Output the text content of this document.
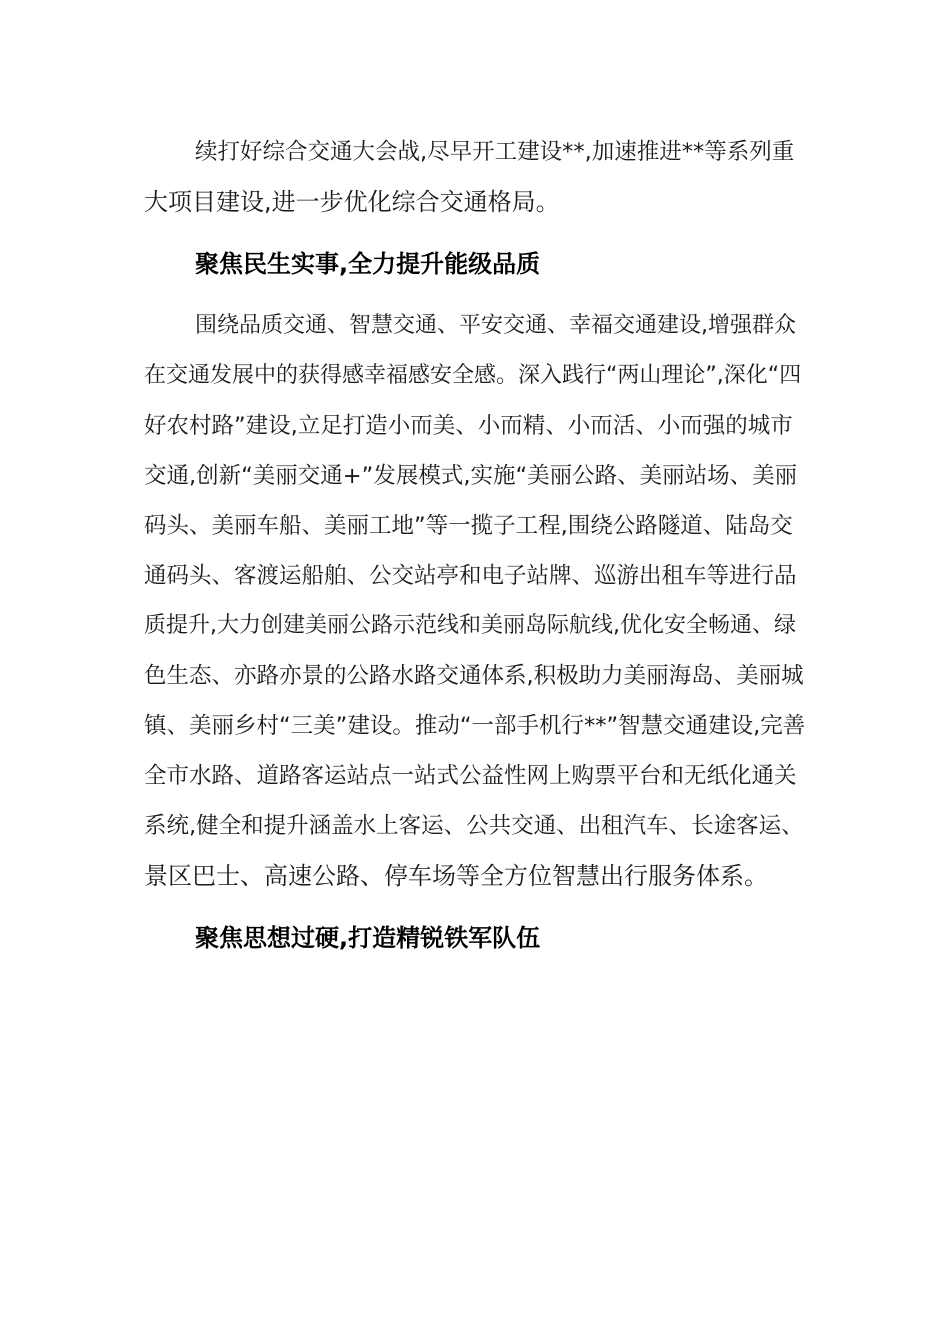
续打好综合交通大会战,尽早开工建设**,加速推进**等系列重
大项目建设,进一步优化综合交通格局。
聚焦民生实事,全力提升能级品质
围绕品质交通、智慧交通、平安交通、幸福交通建设,增强群众
在交通发展中的获得感幸福感安全感。深入践行“两山理论”,深化“四
好农村路”建设,立足打造小而美、小而精、小而活、小而强的城市
交通,创新“美丽交通+”发展模式,实施“美丽公路、美丽站场、美丽
码头、美丽车船、美丽工地”等一揽子工程,围绕公路隧道、陆岛交
通码头、客渡运船舶、公交站亭和电子站牌、巡游出租车等进行品
质提升,大力创建美丽公路示范线和美丽岛际航线,优化安全畅通、绿
色生态、亦路亦景的公路水路交通体系,积极助力美丽海岛、美丽城
镇、美丽乡村“三美”建设。推动“一部手机行**”智慧交通建设,完善
全市水路、道路客运站点一站式公益性网上购票平台和无纸化通关
系统,健全和提升涵盖水上客运、公共交通、出租汽车、长途客运、
景区巴士、高速公路、停车场等全方位智慧出行服务体系。
聚焦思想过硬,打造精锐铁军队伍
